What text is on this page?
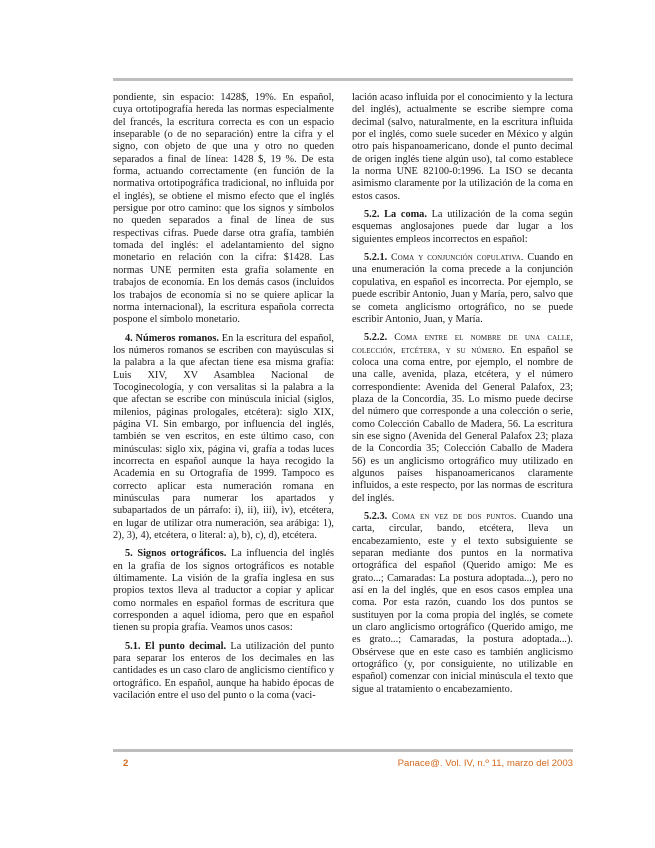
pondiente, sin espacio: 1428$, 19%. En español, cuya ortotipografía hereda las normas especialmente del francés, la escritura correcta es con un espacio inseparable (o de no separación) entre la cifra y el signo, con objeto de que una y otro no queden separados a final de línea: 1428 $, 19 %. De esta forma, actuando correctamente (en función de la normativa ortotipográfica tradicional, no influida por el inglés), se obtiene el mismo efecto que el inglés persigue por otro camino: que los signos y símbolos no queden separados a final de línea de sus respectivas cifras. Puede darse otra grafía, también tomada del inglés: el adelantamiento del signo monetario en relación con la cifra: $1428. Las normas UNE permiten esta grafía solamente en trabajos de economía. En los demás casos (incluidos los trabajos de economía si no se quiere aplicar la norma internacional), la escritura española correcta pospone el símbolo monetario.

4. Números romanos. En la escritura del español, los números romanos se escriben con mayúsculas si la palabra a la que afectan tiene esa misma grafía: Luis XIV, XV Asamblea Nacional de Tocoginecología, y con versalitas si la palabra a la que afectan se escribe con minúscula inicial (siglos, milenios, páginas prologales, etcétera): siglo XIX, página VI. Sin embargo, por influencia del inglés, también se ven escritos, en este último caso, con minúsculas: siglo xix, página vi, grafía a todas luces incorrecta en español aunque la haya recogido la Academia en su Ortografía de 1999. Tampoco es correcto aplicar esta numeración romana en minúsculas para numerar los apartados y subapartados de un párrafo: i), ii), iii), iv), etcétera, en lugar de utilizar otra numeración, sea arábiga: 1), 2), 3), 4), etcétera, o literal: a), b), c), d), etcétera.

5. Signos ortográficos. La influencia del inglés en la grafía de los signos ortográficos es notable últimamente. La visión de la grafía inglesa en sus propios textos lleva al traductor a copiar y aplicar como normales en español formas de escritura que corresponden a aquel idioma, pero que en español tienen su propia grafía. Veamos unos casos:

5.1. El punto decimal. La utilización del punto para separar los enteros de los decimales en las cantidades es un caso claro de anglicismo científico y ortográfico. En español, aunque ha habido épocas de vacilación entre el uso del punto o la coma (vaci-

lación acaso influida por el conocimiento y la lectura del inglés), actualmente se escribe siempre coma decimal (salvo, naturalmente, en la escritura influida por el inglés, como suele suceder en México y algún otro país hispanoamericano, donde el punto decimal de origen inglés tiene algún uso), tal como establece la norma UNE 82100-0:1996. La ISO se decanta asimismo claramente por la utilización de la coma en estos casos.

5.2. La coma. La utilización de la coma según esquemas anglosajones puede dar lugar a los siguientes empleos incorrectos en español:

5.2.1. Coma y conjunción copulativa. Cuando en una enumeración la coma precede a la conjunción copulativa, en español es incorrecta. Por ejemplo, se puede escribir Antonio, Juan y María, pero, salvo que se cometa anglicismo ortográfico, no se puede escribir Antonio, Juan, y María.

5.2.2. Coma entre el nombre de una calle, colección, etcétera, y su número. En español se coloca una coma entre, por ejemplo, el nombre de una calle, avenida, plaza, etcétera, y el número correspondiente: Avenida del General Palafox, 23; plaza de la Concordia, 35. Lo mismo puede decirse del número que corresponde a una colección o serie, como Colección Caballo de Madera, 56. La escritura sin ese signo (Avenida del General Palafox 23; plaza de la Concordia 35; Colección Caballo de Madera 56) es un anglicismo ortográfico muy utilizado en algunos países hispanoamericanos claramente influidos, a este respecto, por las normas de escritura del inglés.

5.2.3. Coma en vez de dos puntos. Cuando una carta, circular, bando, etcétera, lleva un encabezamiento, este y el texto subsiguiente se separan mediante dos puntos en la normativa ortográfica del español (Querido amigo: Me es grato...; Camaradas: La postura adoptada...), pero no así en la del inglés, que en esos casos emplea una coma. Por esta razón, cuando los dos puntos se sustituyen por la coma propia del inglés, se comete un claro anglicismo ortográfico (Querido amigo, me es grato...; Camaradas, la postura adoptada...). Obsérvese que en este caso es también anglicismo ortográfico (y, por consiguiente, no utilizable en español) comenzar con inicial minúscula el texto que sigue al tratamiento o encabezamiento.

2	Panace@. Vol. IV, n.º 11, marzo del 2003
